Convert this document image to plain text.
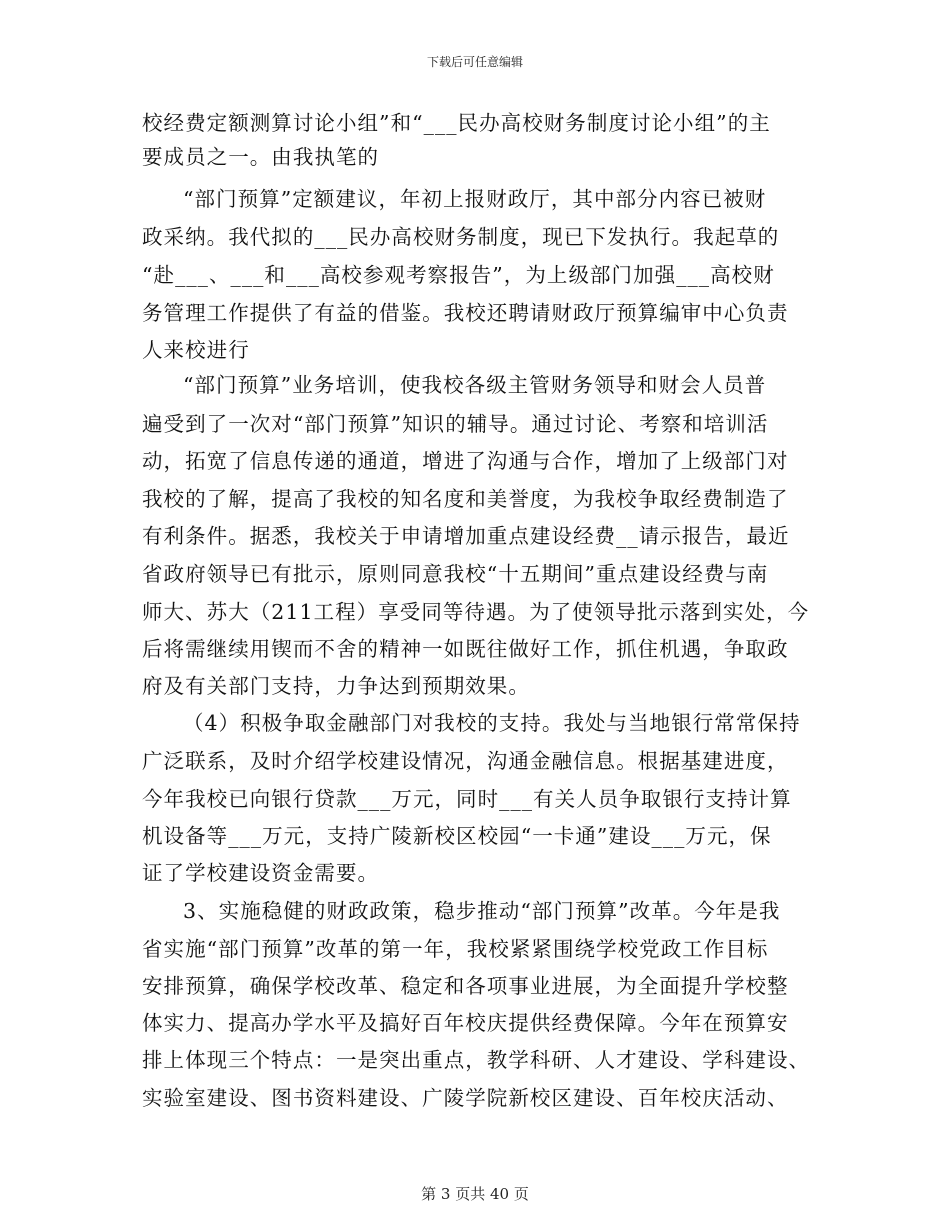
下载后可任意编辑
校经费定额测算讨论小组”和“___民办高校财务制度讨论小组”的主
要成员之一。由我执笔的
“部门预算”定额建议，年初上报财政厅，其中部分内容已被财
政采纳。我代拟的___民办高校财务制度，现已下发执行。我起草的
“赴___、___和___高校参观考察报告”，为上级部门加强___高校财
务管理工作提供了有益的借鉴。我校还聘请财政厅预算编审中心负责
人来校进行
“部门预算”业务培训，使我校各级主管财务领导和财会人员普
遍受到了一次对“部门预算”知识的辅导。通过讨论、考察和培训活
动，拓宽了信息传递的通道，增进了沟通与合作，增加了上级部门对
我校的了解，提高了我校的知名度和美誉度，为我校争取经费制造了
有利条件。据悉，我校关于申请增加重点建设经费__请示报告，最近
省政府领导已有批示，原则同意我校“十五期间”重点建设经费与南
师大、苏大（211工程）享受同等待遇。为了使领导批示落到实处，今
后将需继续用锲而不舍的精神一如既往做好工作，抓住机遇，争取政
府及有关部门支持，力争达到预期效果。
（4）积极争取金融部门对我校的支持。我处与当地银行常常保持
广泛联系，及时介绍学校建设情况，沟通金融信息。根据基建进度，
今年我校已向银行贷款___万元，同时___有关人员争取银行支持计算
机设备等___万元，支持广陵新校区校园“一卡通”建设___万元，保
证了学校建设资金需要。
3、实施稳健的财政政策，稳步推动“部门预算”改革。今年是我
省实施“部门预算”改革的第一年，我校紧紧围绕学校党政工作目标
安排预算，确保学校改革、稳定和各项事业进展，为全面提升学校整
体实力、提高办学水平及搞好百年校庆提供经费保障。今年在预算安
排上体现三个特点：一是突出重点，教学科研、人才建设、学科建设、
实验室建设、图书资料建设、广陵学院新校区建设、百年校庆活动、
第 3 页共 40 页
